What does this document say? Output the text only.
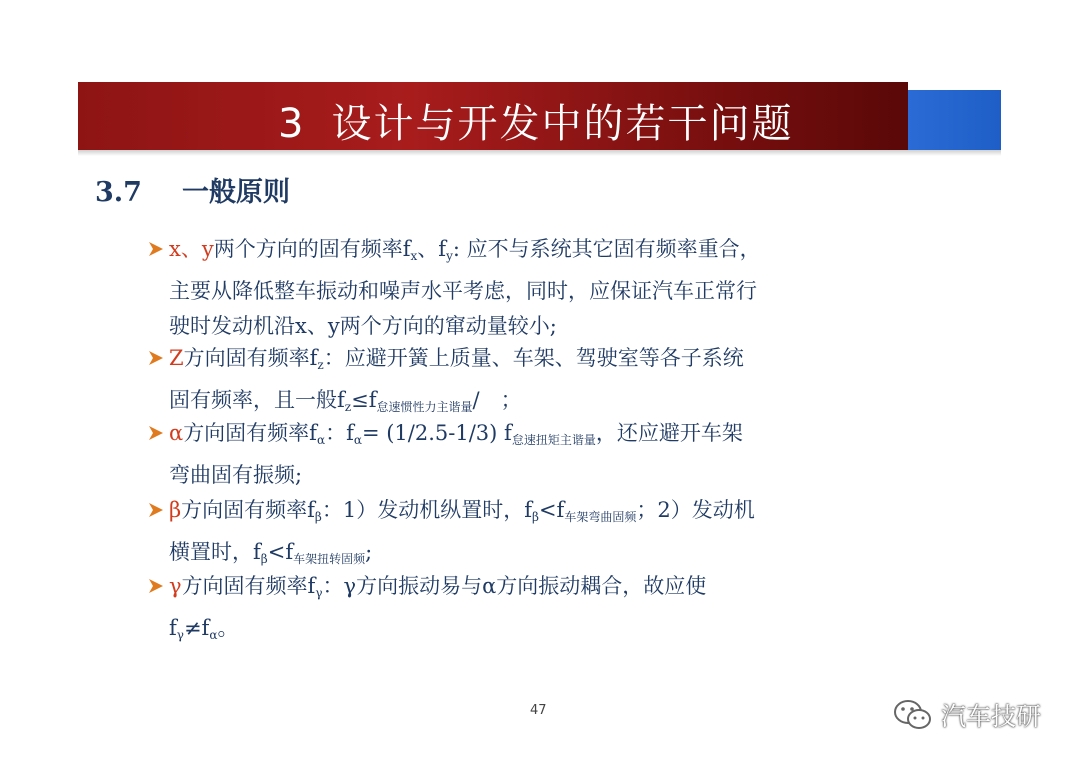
3 设计与开发中的若干问题
3.7 一般原则
x、y两个方向的固有频率$f_x$、$f_y$: 应不与系统其它固有频率重合，
主要从降低整车振动和噪声水平考虑，同时，应保证汽车正常行
驶时发动机沿x、y两个方向的窜动量较小;
Z方向固有频率$f_z$：应避开簧上质量、车架、驾驶室等各子系统
固有频率，且一般$f_z\le f_{怠速惯性力主谐量}/$　；
α方向固有频率$f_\alpha$：$f_\alpha= (1/2.5-1/3)$ $f_{怠速扭矩主谐量}$，还应避开车架
弯曲固有振频;
β方向固有频率$f_\beta$：1）发动机纵置时，$f_\beta<f_{车架弯曲固频}$；2）发动机
横置时，$f_\beta<f_{车架扭转固频}$;
γ方向固有频率$f_\gamma$：γ方向振动易与α方向振动耦合，故应使
$f_\gamma\ne f_\alpha$。
47	汽车技研
